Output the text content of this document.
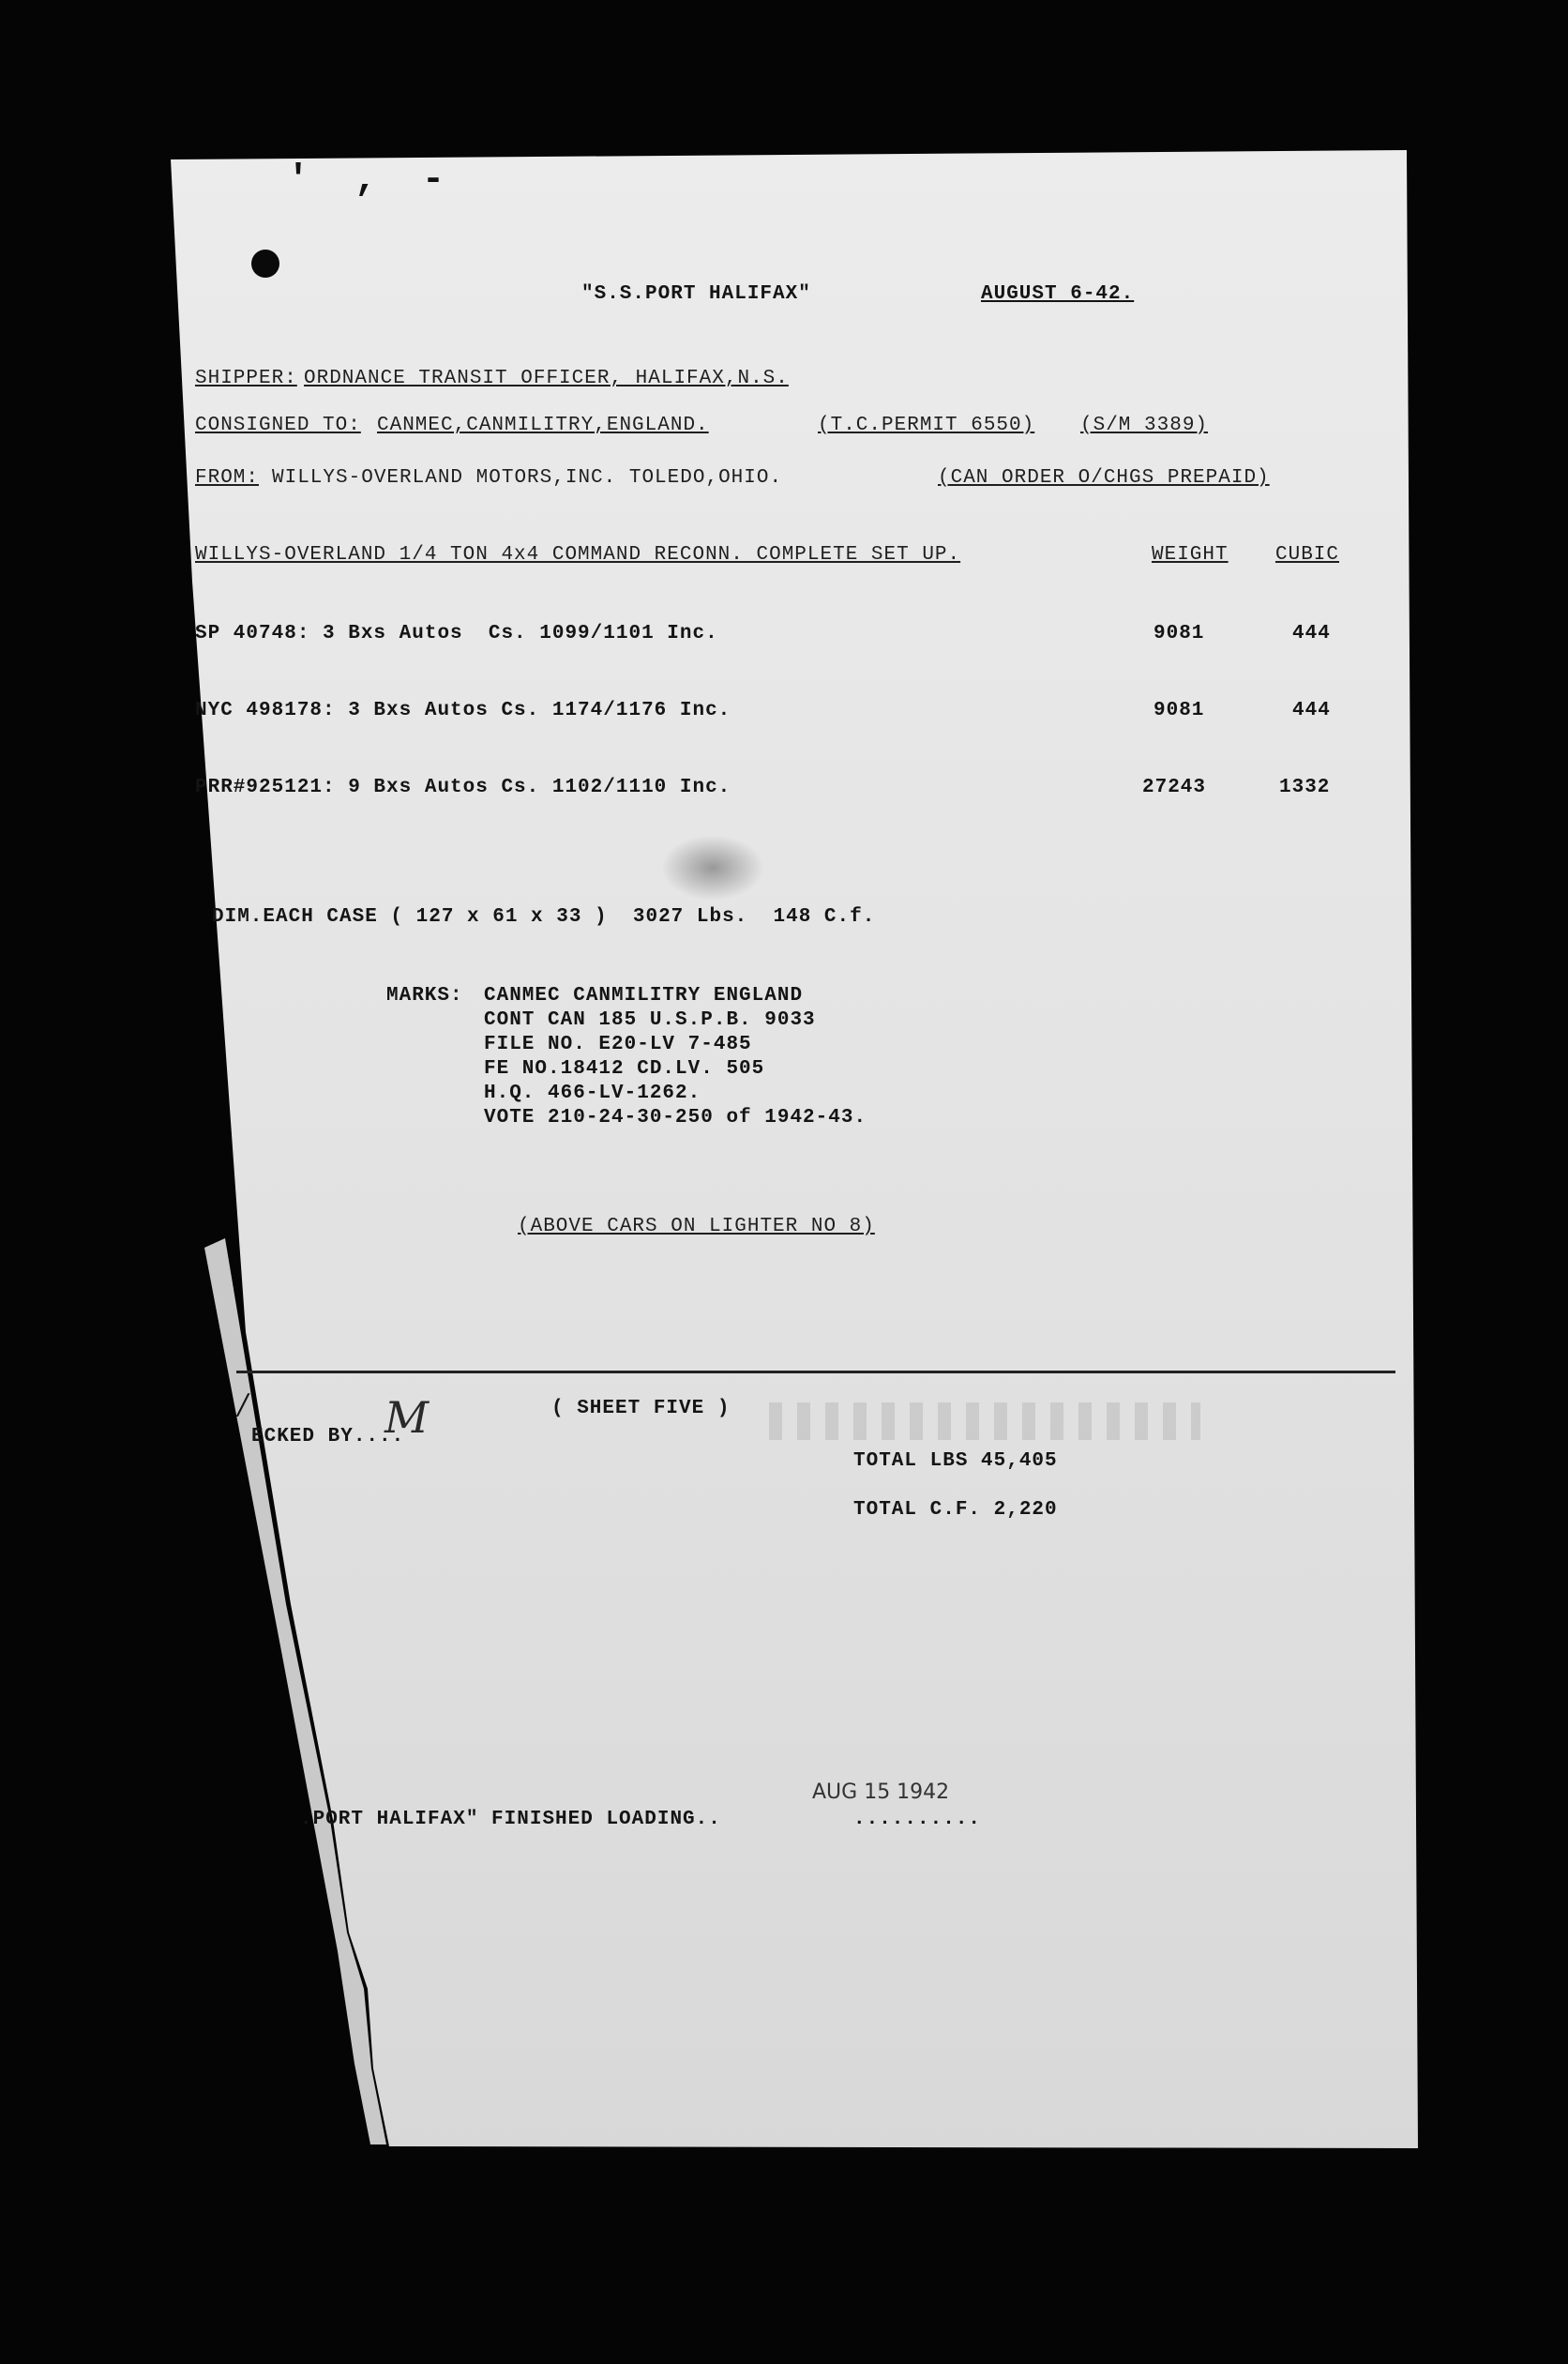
'  ,  -
"S.S.PORT HALIFAX"	AUGUST 6-42.
SHIPPER: ORDNANCE TRANSIT OFFICER, HALIFAX,N.S.
CONSIGNED TO: CANMEC,CANMILITRY,ENGLAND.	(T.C.PERMIT 6550) (S/M 3389)
FROM: WILLYS-OVERLAND MOTORS,INC. TOLEDO,OHIO.	(CAN ORDER O/CHGS PREPAID)
WILLYS-OVERLAND 1/4 TON 4x4 COMMAND RECONN. COMPLETE SET UP.	WEIGHT CUBIC
SP 40748: 3 Bxs Autos  Cs. 1099/1101 Inc.	9081	444
NYC 498178: 3 Bxs Autos Cs. 1174/1176 Inc.	9081	444
PRR#925121: 9 Bxs Autos Cs. 1102/1110 Inc.	27243	1332
DIM.EACH CASE ( 127 x 61 x 33 )  3027 Lbs.  148 C.f.
MARKS: CANMEC CANMILITRY ENGLAND
CONT CAN 185 U.S.P.B. 9033
FILE NO. E20-LV 7-485
FE NO.18412 CD.LV. 505
H.Q. 466-LV-1262.
VOTE 210-24-30-250 of 1942-43.
(ABOVE CARS ON LIGHTER NO 8)
/
ECKED BY....
M	( SHEET FIVE )
TOTAL LBS 45,405
TOTAL C.F. 2,220
.PORT HALIFAX" FINISHED LOADING..	..........
AUG 15 1942
